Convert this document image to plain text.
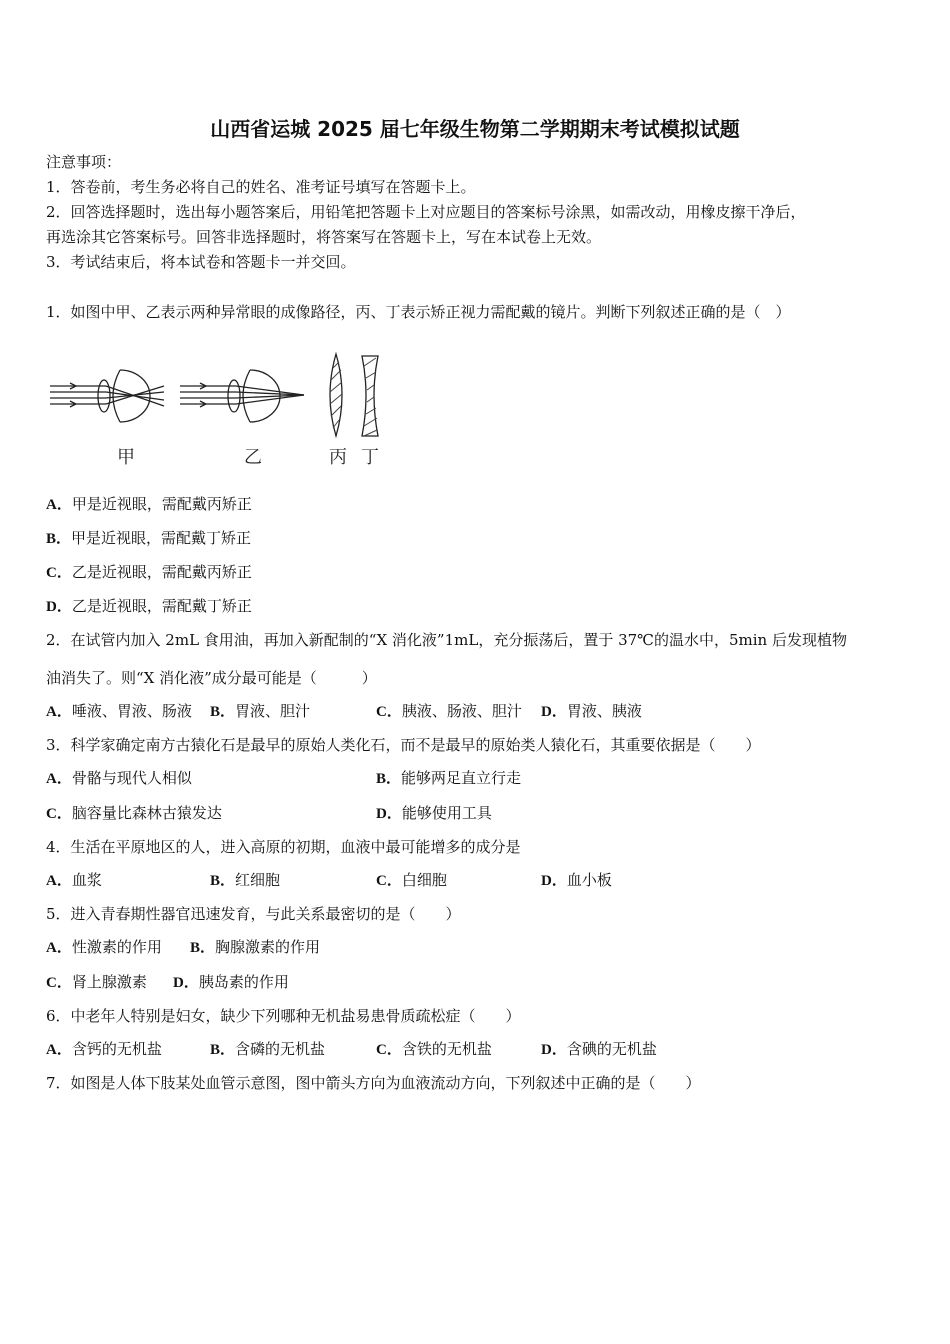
山西省运城 2025 届七年级生物第二学期期末考试模拟试题
注意事项：
1．答卷前，考生务必将自己的姓名、准考证号填写在答题卡上。
2．回答选择题时，选出每小题答案后，用铅笔把答题卡上对应题目的答案标号涂黑，如需改动，用橡皮擦干净后，
再选涂其它答案标号。回答非选择题时，将答案写在答题卡上，写在本试卷上无效。
3．考试结束后，将本试卷和答题卡一并交回。
1．如图中甲、乙表示两种异常眼的成像路径，丙、丁表示矫正视力需配戴的镜片。判断下列叙述正确的是（　）
甲	乙	丙 丁
A．甲是近视眼，需配戴丙矫正
B．甲是近视眼，需配戴丁矫正
C．乙是近视眼，需配戴丙矫正
D．乙是近视眼，需配戴丁矫正
2．在试管内加入 2mL 食用油，再加入新配制的“X 消化液”1mL，充分振荡后，置于 37℃的温水中，5min 后发现植物
油消失了。则“X 消化液”成分最可能是（　　　）
A．唾液、胃液、肠液 B．胃液、胆汁	C．胰液、肠液、胆汁 D．胃液、胰液
3．科学家确定南方古猿化石是最早的原始人类化石，而不是最早的原始类人猿化石，其重要依据是（　　）
A．骨骼与现代人相似	B．能够两足直立行走
C．脑容量比森林古猿发达	D．能够使用工具
4．生活在平原地区的人，进入高原的初期，血液中最可能增多的成分是
A．血浆	B．红细胞	C．白细胞	D．血小板
5．进入青春期性器官迅速发育，与此关系最密切的是（　　）
A．性激素的作用 B．胸腺激素的作用
C．肾上腺激素 D．胰岛素的作用
6．中老年人特别是妇女，缺少下列哪种无机盐易患骨质疏松症（　　）
A．含钙的无机盐	B．含磷的无机盐	C．含铁的无机盐	D．含碘的无机盐
7．如图是人体下肢某处血管示意图，图中箭头方向为血液流动方向，下列叙述中正确的是（　　）
